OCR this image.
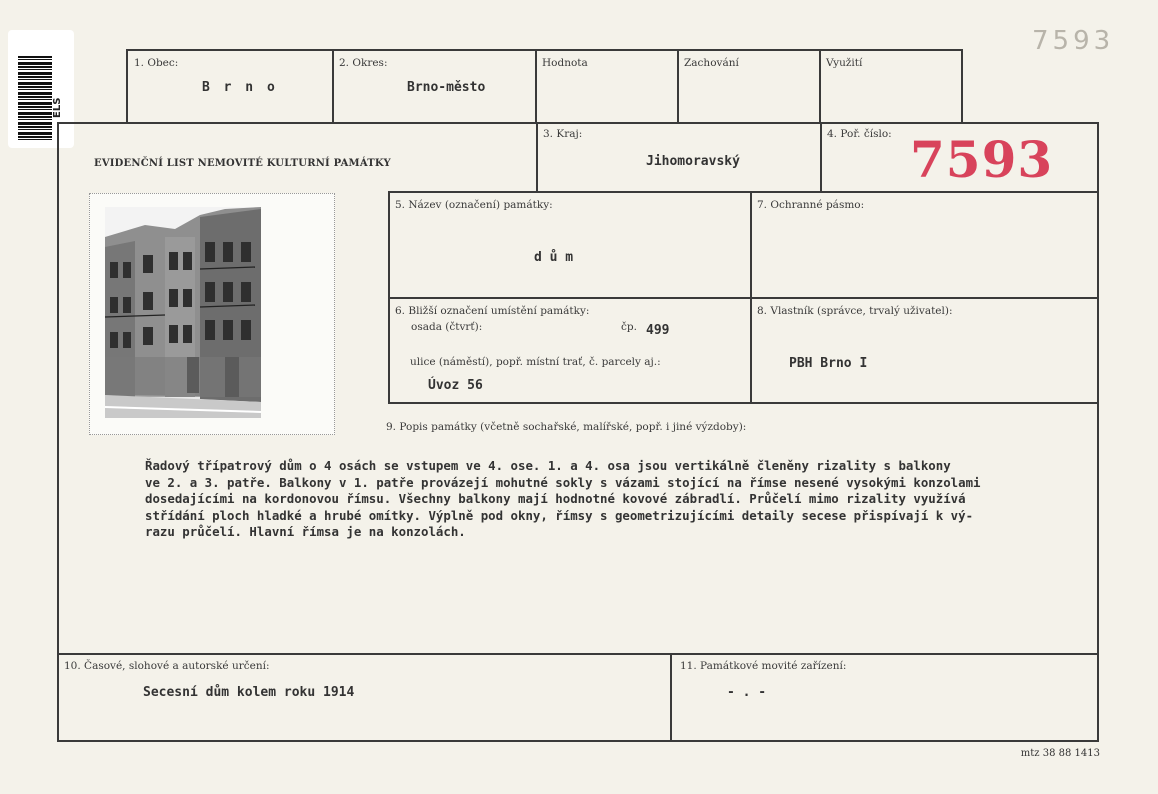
7593
ELS
1. Obec:
B r n o
2. Okres:
Brno-město
Hodnota	Zachování	Využití
EVIDENČNÍ LIST NEMOVITÉ KULTURNÍ PAMÁTKY
3. Kraj:
Jihomoravský
4. Poř. číslo: 7593
5. Název (označení) památky:
d ů m
7. Ochranné pásmo:
6. Bližší označení umístění památky:
osada (čtvrť):	čp. 499
ulice (náměstí), popř. místní trať, č. parcely aj.:
Úvoz 56
8. Vlastník (správce, trvalý uživatel):
PBH Brno I
9. Popis památky (včetně sochařské, malířské, popř. i jiné výzdoby):
Řadový třípatrový dům o 4 osách se vstupem ve 4. ose. 1. a 4. osa jsou vertikálně členěny rizality s balkony
ve 2. a 3. patře. Balkony v 1. patře provázejí mohutné sokly s vázami stojící na římse nesené vysokými konzolami
dosedajícími na kordonovou římsu. Všechny balkony mají hodnotné kovové zábradlí. Průčelí mimo rizality využívá
střídání ploch hladké a hrubé omítky. Výplně pod okny, římsy s geometrizujícími detaily secese přispívají k vý-
razu průčelí. Hlavní římsa je na konzolách.
10. Časové, slohové a autorské určení:
Secesní dům kolem roku 1914
11. Památkové movité zařízení:
- . -
mtz 38 88 1413
